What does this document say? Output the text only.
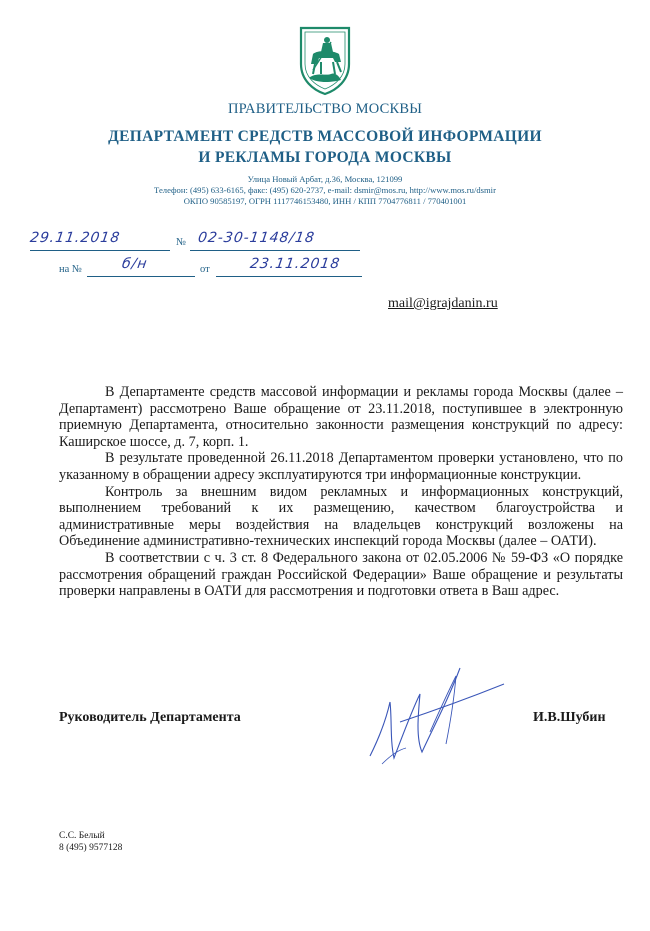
ПРАВИТЕЛЬСТВО МОСКВЫ
ДЕПАРТАМЕНТ СРЕДСТВ МАССОВОЙ ИНФОРМАЦИИ
И РЕКЛАМЫ ГОРОДА МОСКВЫ
Улица Новый Арбат, д.36, Москва, 121099
Телефон: (495) 633-6165, факс: (495) 620-2737, e-mail: dsmir@mos.ru, http://www.mos.ru/dsmir
ОКПО 90585197, ОГРН 1117746153480, ИНН / КПП 7704776811 / 770401001
29.11.2018	№ 02-30-1148/18
на №	б/н	от	23.11.2018
mail@igrajdanin.ru

В Департаменте средств массовой информации и рекламы города Москвы (далее – Департамент) рассмотрено Ваше обращение от 23.11.2018, поступившее в электронную приемную Департамента, относительно законности размещения конструкций по адресу: Каширское шоссе, д. 7, корп. 1.

В результате проведенной 26.11.2018 Департаментом проверки установлено, что по указанному в обращении адресу эксплуатируются три информационные конструкции.

Контроль за внешним видом рекламных и информационных конструкций, выполнением требований к их размещению, качеством благоустройства и административные меры воздействия на владельцев конструкций возложены на Объединение административно-технических инспекций города Москвы (далее – ОАТИ).

В соответствии с ч. 3 ст. 8 Федерального закона от 02.05.2006 № 59-ФЗ «О порядке рассмотрения обращений граждан Российской Федерации» Ваше обращение и результаты проверки направлены в ОАТИ для рассмотрения и подготовки ответа в Ваш адрес.

Руководитель Департамента	И.В.Шубин
С.С. Белый
8 (495) 9577128
